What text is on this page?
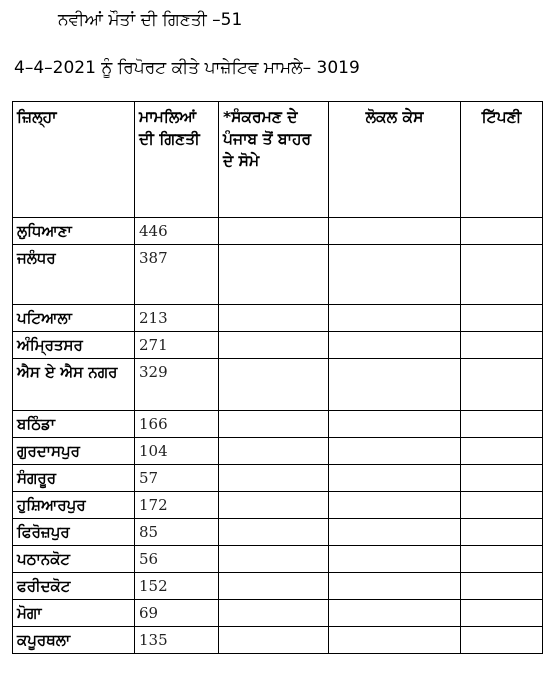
ਨਵੀਆਂ ਮੌਤਾਂ ਦੀ ਗਿਣਤੀ –51
4–4–2021 ਨੂੰ ਰਿਪੋਰਟ ਕੀਤੇ ਪਾਜ਼ੇਟਿਵ ਮਾਮਲੇ– 3019
ਜ਼ਿਲ੍ਹਾ	ਮਾਮਲਿਆਂ ਦੀ ਗਿਣਤੀ	*ਸੰਕਰਮਣ ਦੇ ਪੰਜਾਬ ਤੋਂ ਬਾਹਰ ਦੇ ਸੋਮੇ	ਲੋਕਲ ਕੇਸ	ਟਿੱਪਣੀ
ਲੁਧਿਆਣਾ	446			
ਜਲੰਧਰ	387			
ਪਟਿਆਲਾ	213			
ਅੰਮ੍ਰਿਤਸਰ	271			
ਐਸ ਏ ਐਸ ਨਗਰ	329			
ਬਠਿੰਡਾ	166			
ਗੁਰਦਾਸਪੁਰ	104			
ਸੰਗਰੂਰ	57			
ਹੁਸ਼ਿਆਰਪੁਰ	172			
ਫਿਰੋਜ਼ਪੁਰ	85			
ਪਠਾਨਕੋਟ	56			
ਫਰੀਦਕੋਟ	152			
ਮੋਗਾ	69			
ਕਪੂਰਥਲਾ	135			
